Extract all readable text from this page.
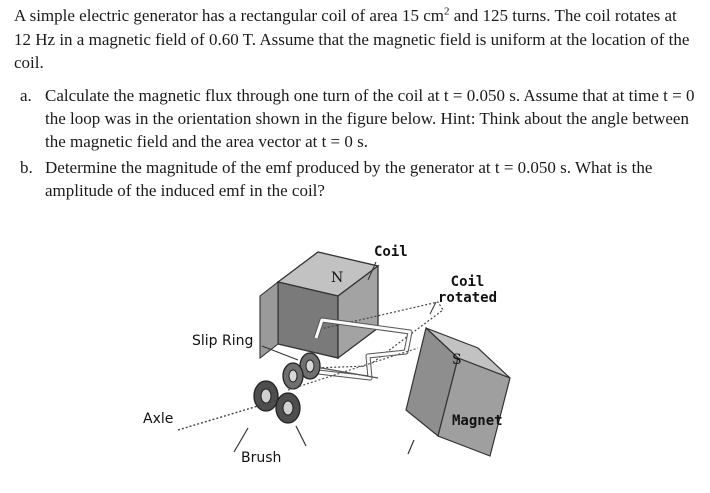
A simple electric generator has a rectangular coil of area 15 $cm^2$ and 125 turns. The coil rotates at 12 Hz in a magnetic field of 0.60 T. Assume that the magnetic field is uniform at the location of the coil.
a. Calculate the magnetic flux through one turn of the coil at t = 0.050 s. Assume that at time t = 0 the loop was in the orientation shown in the figure below. Hint: Think about the angle between the magnetic field and the area vector at t = 0 s.
b. Determine the magnitude of the emf produced by the generator at t = 0.050 s. What is the amplitude of the induced emf in the coil?
N
S
Coil
Coil
rotated
Slip Ring
Axle
Brush
Magnet
